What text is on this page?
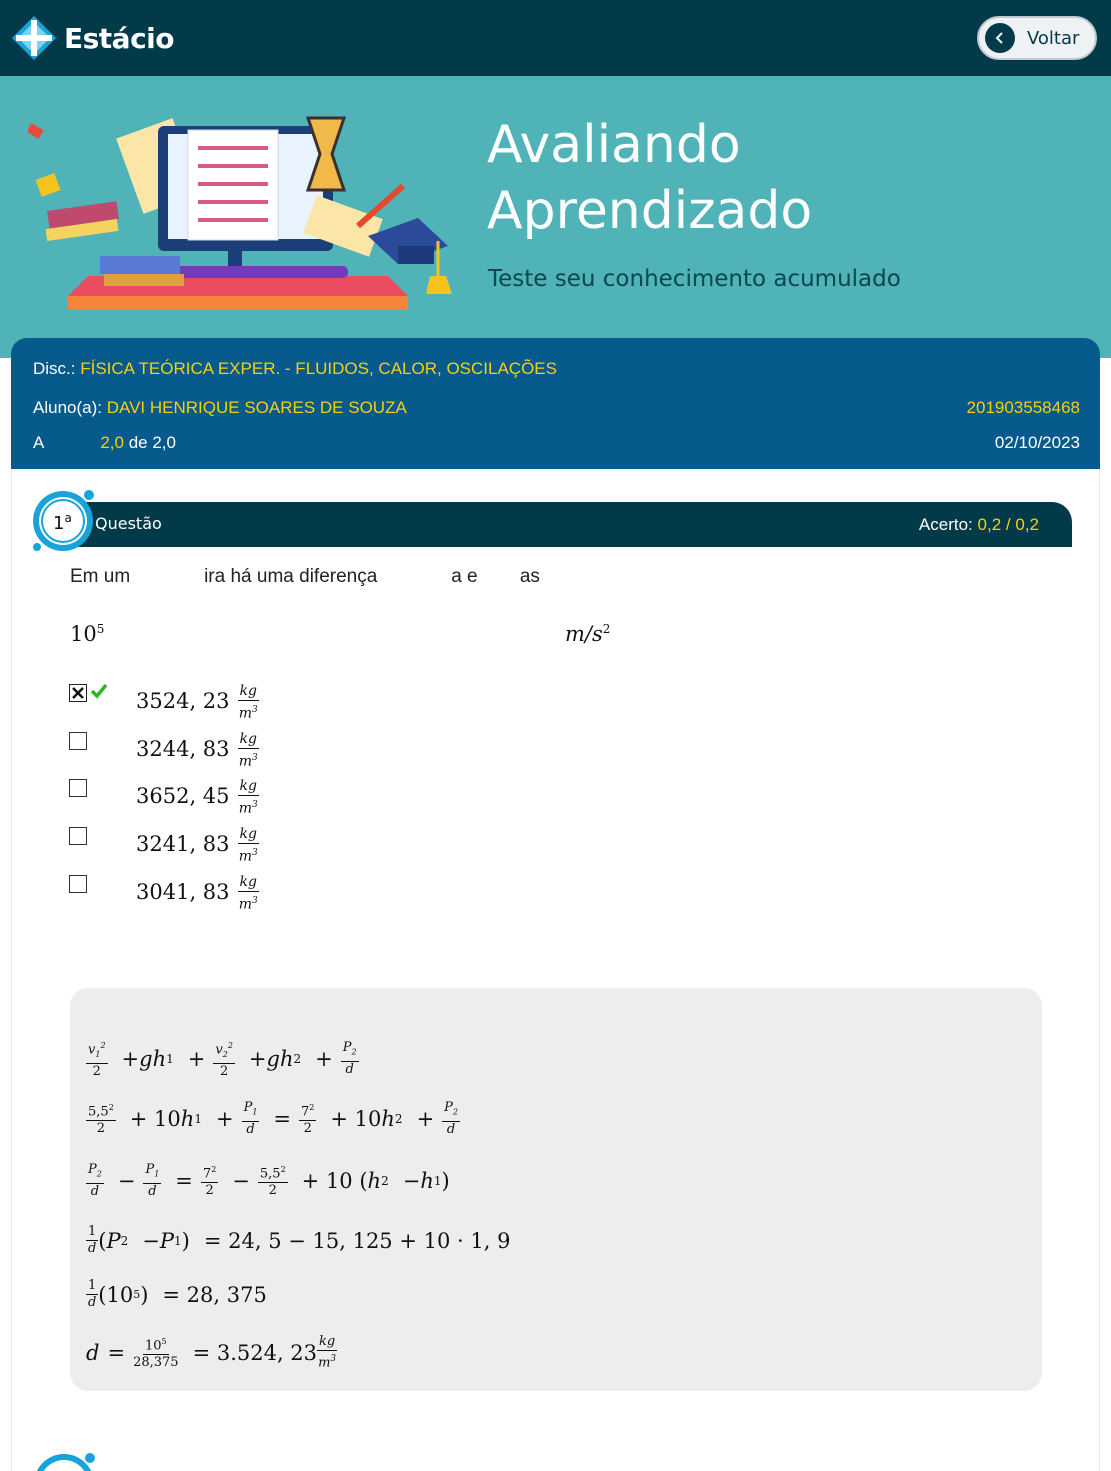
Estácio	Voltar
Avaliando
Aprendizado
Teste seu conhecimento acumulado
Disc.: FÍSICA TEÓRICA EXPER. - FLUIDOS, CALOR, OSCILAÇÕES
Aluno(a): DAVI HENRIQUE SOARES DE SOUZA	201903558468
A	2,0 de 2,0	02/10/2023
1$^a$ Questão	Acerto: 0,2 / 0,2
Em um              ira há uma diferença              a e        as
$10^5$	$m/s^2$
3524, $23 \frac{kg}{m^3}$
3244, $83 \frac{kg}{m^3}$
3652, $45 \frac{kg}{m^3}$
3241, $83 \frac{kg}{m^3}$
3041, $83 \frac{kg}{m^3}$
$\frac{v_1^2}{2}$ + gh $1 + \frac{v_2^2}{2}$ + gh $2 + \frac{P_2}{d}$
$\frac{5,5^2}{2} + 10$ h $1 + \frac{P_1}{d} = \frac{7^2}{2} + 10$ h $2 + \frac{P_2}{d}$
$\frac{P_2}{d} - \frac{P_1}{d} = \frac{7^2}{2} - \frac{5,5^2}{2} + 10$ ( h 2 − h 1 )
$\frac{1}{d}$ ( P 2 − P 1 ) = 24, 5 − 15, 125 + 10 · 1, 9
$\frac{1}{d} (10$ 5 ) = 28, 375
$d = \frac{10^5}{28,375} = 3.524$, $23 \frac{kg}{m^3}$
